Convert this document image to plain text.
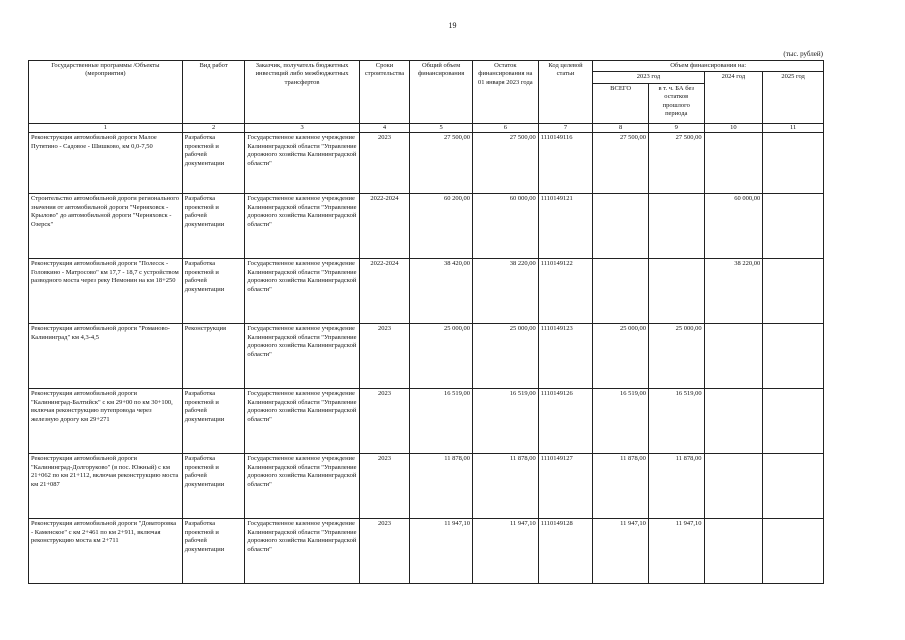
19
(тыс. рублей)
Государственные программы /Объекты (мероприятия)	Вид работ	Заказчик, получатель бюджетных инвестиций либо межбюджетных трансфертов	Сроки строительства	Общий объем финансирования	Остаток финансирования на 01 января 2023 года	Код целевой статьи	Объем финансирования на:			
							2023 год		2024 год	2025 год
							ВСЕГО	в т. ч. БА без остатков прошлого периода		
1	2	3	4	5	6	7	8	9	10	11
Реконструкция автомобильной дороги Малое Путятино - Садовое - Шишково, км 0,0-7,50	Разработка проектной и рабочей документации	Государственное казенное учреждение Калининградской области "Управление дорожного хозяйства Калининградской области"	2023	27 500,00	27 500,00	1110149116	27 500,00	27 500,00		
Строительство автомобильной дороги регионального значения от автомобильной дороги "Черняховск - Крылово" до автомобильной дороги "Черняховск - Озерск"	Разработка проектной и рабочей документации	Государственное казенное учреждение Калининградской области "Управление дорожного хозяйства Калининградской области"	2022-2024	60 200,00	60 000,00	1110149121			60 000,00	
Реконструкция автомобильной дороги "Полесск - Головкино - Матросово" км 17,7 - 18,7 с устройством разводного моста через реку Немонин на км 18+250	Разработка проектной и рабочей документации	Государственное казенное учреждение Калининградской области "Управление дорожного хозяйства Калининградской области"	2022-2024	38 420,00	38 220,00	1110149122			38 220,00	
Реконструкция автомобильной дороги "Романово-Калининград" км 4,3-4,5	Реконструкция	Государственное казенное учреждение Калининградской области "Управление дорожного хозяйства Калининградской области"	2023	25 000,00	25 000,00	1110149123	25 000,00	25 000,00		
Реконструкция автомобильной дороги "Калининград-Балтийск" с км 29+00 по км 30+100, включая реконструкцию путепровода через железную дорогу км 29+271	Разработка проектной и рабочей документации	Государственное казенное учреждение Калининградской области "Управление дорожного хозяйства Калининградской области"	2023	16 519,00	16 519,00	1110149126	16 519,00	16 519,00		
Реконструкция автомобильной дороги "Калининград-Долгоруково" (в пос. Южный) с км 21+062 по км 21+112, включая реконструкцию моста км 21+087	Разработка проектной и рабочей документации	Государственное казенное учреждение Калининградской области "Управление дорожного хозяйства Калининградской области"	2023	11 878,00	11 878,00	1110149127	11 878,00	11 878,00		
Реконструкция автомобильной дороги "Доваторовка - Каменское" с км 2+461 по км 2+911, включая реконструкцию моста км 2+711	Разработка проектной и рабочей документации	Государственное казенное учреждение Калининградской области "Управление дорожного хозяйства Калининградской области"	2023	11 947,10	11 947,10	1110149128	11 947,10	11 947,10		
